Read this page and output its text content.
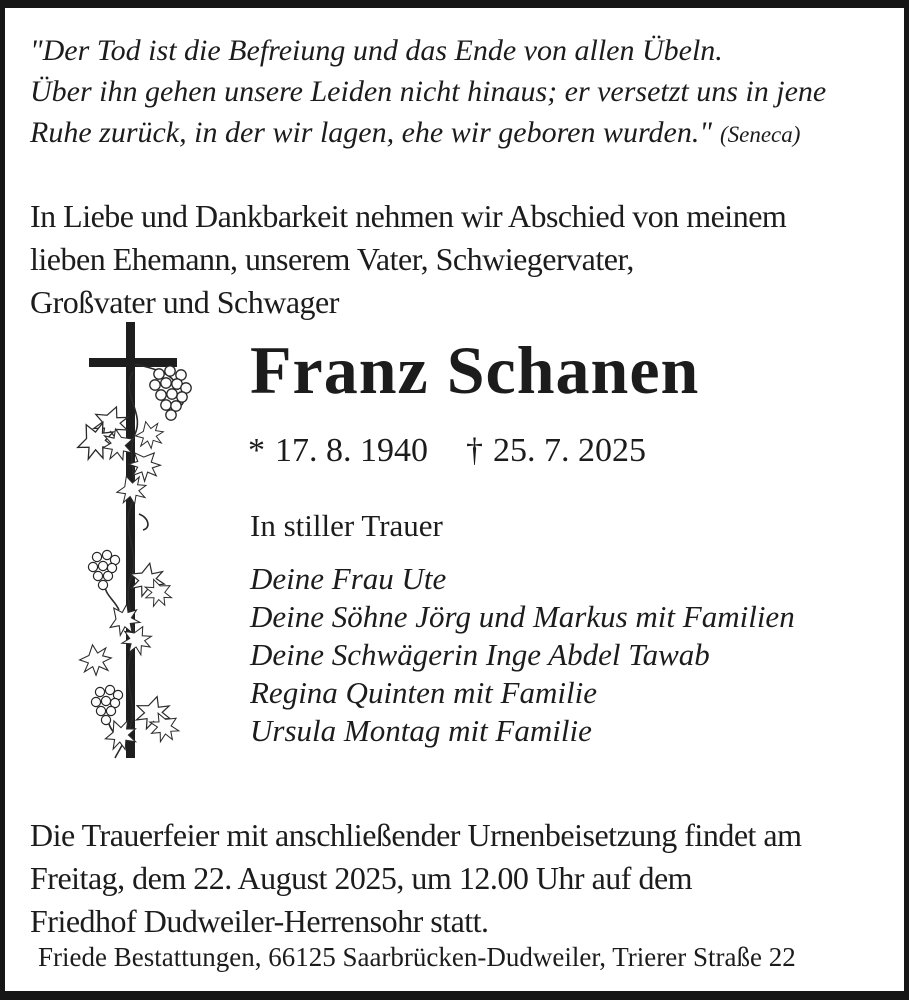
"Der Tod ist die Befreiung und das Ende von allen Übeln.
Über ihn gehen unsere Leiden nicht hinaus; er versetzt uns in jene
Ruhe zurück, in der wir lagen, ehe wir geboren wurden." (Seneca)
In Liebe und Dankbarkeit nehmen wir Abschied von meinem
lieben Ehemann, unserem Vater, Schwiegervater,
Großvater und Schwager
Franz Schanen
* 17. 8. 1940 † 25. 7. 2025
In stiller Trauer
Deine Frau Ute
Deine Söhne Jörg und Markus mit Familien
Deine Schwägerin Inge Abdel Tawab
Regina Quinten mit Familie
Ursula Montag mit Familie
Die Trauerfeier mit anschließender Urnenbeisetzung findet am
Freitag, dem 22. August 2025, um 12.00 Uhr auf dem
Friedhof Dudweiler-Herrensohr statt.
Friede Bestattungen, 66125 Saarbrücken-Dudweiler, Trierer Straße 22
